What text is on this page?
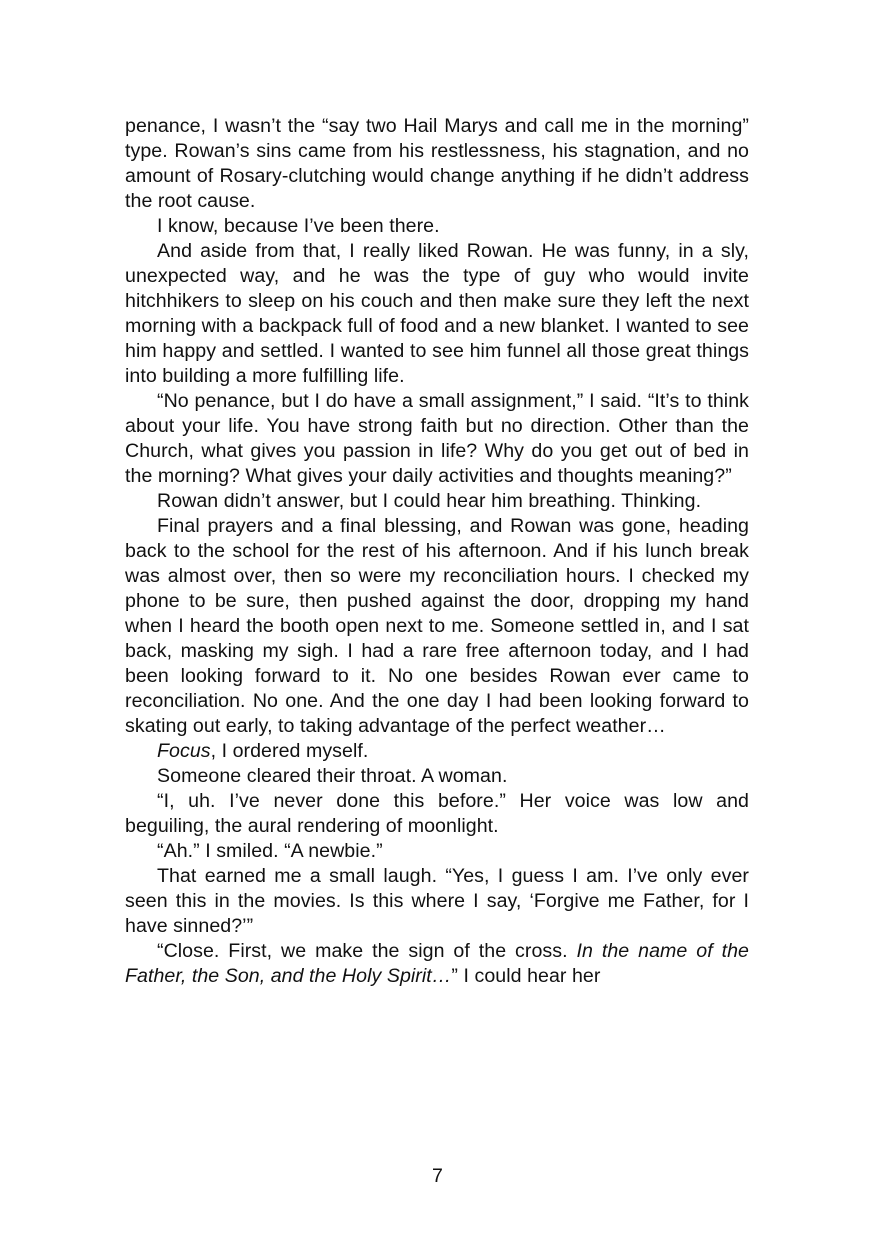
penance, I wasn’t the “say two Hail Marys and call me in the morning” type. Rowan’s sins came from his restlessness, his stagnation, and no amount of Rosary-clutching would change anything if he didn’t address the root cause.

I know, because I’ve been there.

And aside from that, I really liked Rowan. He was funny, in a sly, unexpected way, and he was the type of guy who would invite hitchhikers to sleep on his couch and then make sure they left the next morning with a backpack full of food and a new blanket. I wanted to see him happy and settled. I wanted to see him funnel all those great things into building a more fulfilling life.

“No penance, but I do have a small assignment,” I said. “It’s to think about your life. You have strong faith but no direction. Other than the Church, what gives you passion in life? Why do you get out of bed in the morning? What gives your daily activities and thoughts meaning?”

Rowan didn’t answer, but I could hear him breathing. Thinking.

Final prayers and a final blessing, and Rowan was gone, heading back to the school for the rest of his afternoon. And if his lunch break was almost over, then so were my reconciliation hours. I checked my phone to be sure, then pushed against the door, dropping my hand when I heard the booth open next to me. Someone settled in, and I sat back, masking my sigh. I had a rare free afternoon today, and I had been looking forward to it. No one besides Rowan ever came to reconciliation. No one. And the one day I had been looking forward to skating out early, to taking advantage of the perfect weather…

Focus, I ordered myself.

Someone cleared their throat. A woman.

“I, uh. I’ve never done this before.” Her voice was low and beguiling, the aural rendering of moonlight.

“Ah.” I smiled. “A newbie.”

That earned me a small laugh. “Yes, I guess I am. I’ve only ever seen this in the movies. Is this where I say, ‘Forgive me Father, for I have sinned?’”

“Close. First, we make the sign of the cross. In the name of the Father, the Son, and the Holy Spirit…” I could hear her

7
